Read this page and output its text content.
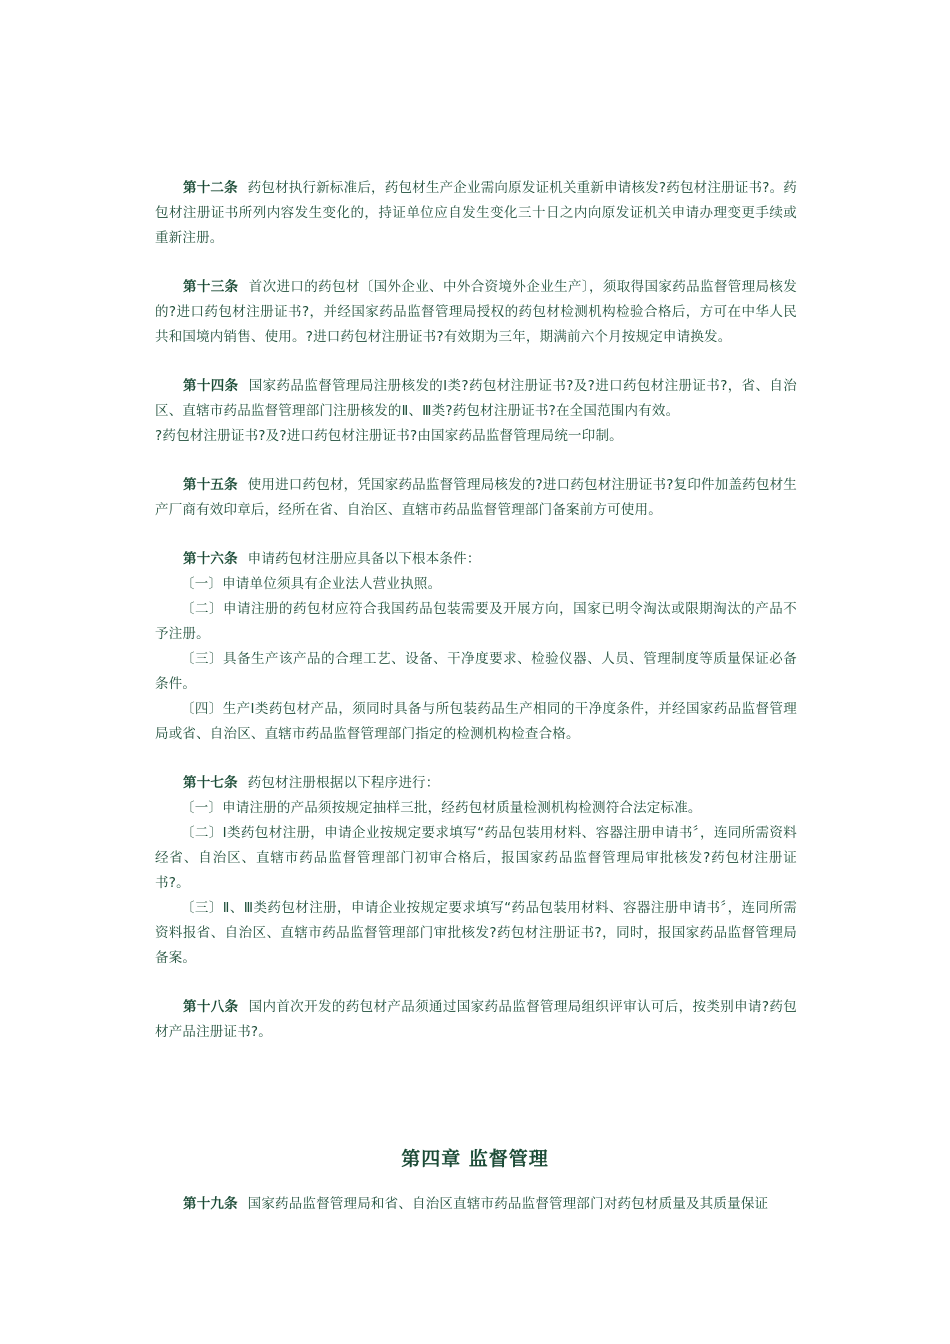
第十二条 药包材执行新标准后，药包材生产企业需向原发证机关重新申请核发?药包材注册证书?。药包材注册证书所列内容发生变化的，持证单位应自发生变化三十日之内向原发证机关申请办理变更手续或重新注册。

第十三条 首次进口的药包材〔国外企业、中外合资境外企业生产〕，须取得国家药品监督管理局核发的?进口药包材注册证书?，并经国家药品监督管理局授权的药包材检测机构检验合格后，方可在中华人民共和国境内销售、使用。?进口药包材注册证书?有效期为三年，期满前六个月按规定申请换发。

第十四条 国家药品监督管理局注册核发的Ⅰ类?药包材注册证书?及?进口药包材注册证书?，省、自治区、直辖市药品监督管理部门注册核发的Ⅱ、Ⅲ类?药包材注册证书?在全国范围内有效。

?药包材注册证书?及?进口药包材注册证书?由国家药品监督管理局统一印制。

第十五条 使用进口药包材，凭国家药品监督管理局核发的?进口药包材注册证书?复印件加盖药包材生产厂商有效印章后，经所在省、自治区、直辖市药品监督管理部门备案前方可使用。

第十六条 申请药包材注册应具备以下根本条件：

〔一〕申请单位须具有企业法人营业执照。

〔二〕申请注册的药包材应符合我国药品包装需要及开展方向，国家已明令淘汰或限期淘汰的产品不予注册。

〔三〕具备生产该产品的合理工艺、设备、干净度要求、检验仪器、人员、管理制度等质量保证必备条件。

〔四〕生产Ⅰ类药包材产品，须同时具备与所包装药品生产相同的干净度条件，并经国家药品监督管理局或省、自治区、直辖市药品监督管理部门指定的检测机构检查合格。

第十七条 药包材注册根据以下程序进行：

〔一〕申请注册的产品须按规定抽样三批，经药包材质量检测机构检测符合法定标准。

〔二〕Ⅰ类药包材注册，申请企业按规定要求填写“药品包装用材料、容器注册申请书〞，连同所需资料经省、自治区、直辖市药品监督管理部门初审合格后，报国家药品监督管理局审批核发?药包材注册证书?。

〔三〕Ⅱ、Ⅲ类药包材注册，申请企业按规定要求填写“药品包装用材料、容器注册申请书〞，连同所需资料报省、自治区、直辖市药品监督管理部门审批核发?药包材注册证书?，同时，报国家药品监督管理局备案。

第十八条 国内首次开发的药包材产品须通过国家药品监督管理局组织评审认可后，按类别申请?药包材产品注册证书?。

第四章 监督管理

第十九条 国家药品监督管理局和省、自治区直辖市药品监督管理部门对药包材质量及其质量保证
